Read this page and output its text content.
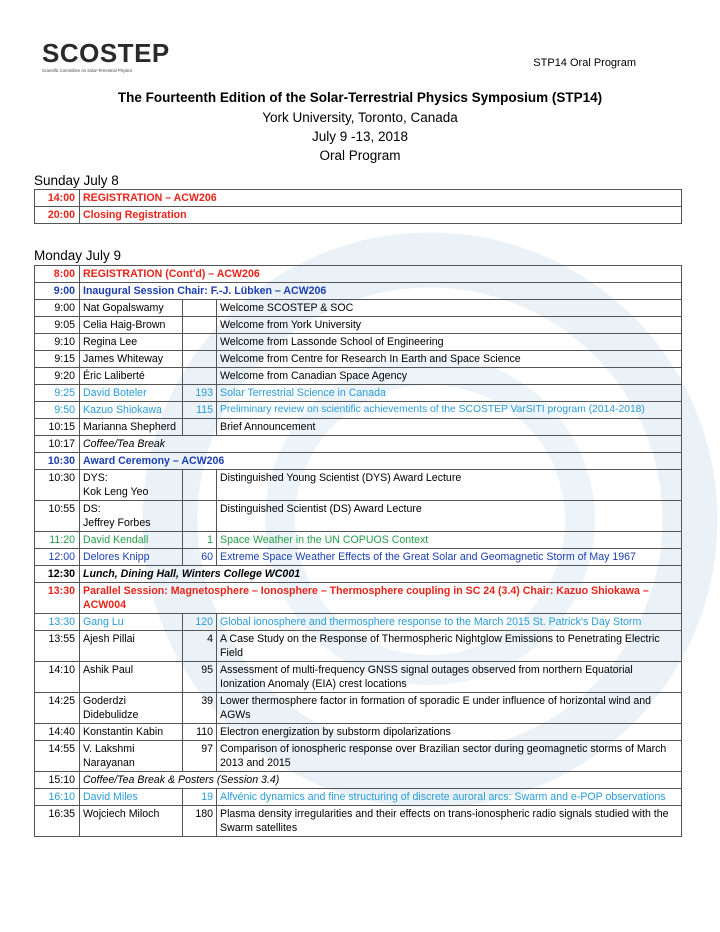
SCOSTEP
Scientific Committee on Solar-Terrestrial Physics
STP14 Oral Program
The Fourteenth Edition of the Solar-Terrestrial Physics Symposium (STP14)
York University, Toronto, Canada
July 9 -13, 2018
Oral Program
Sunday July 8
14:00	REGISTRATION – ACW206
20:00	Closing Registration
Monday July 9
8:00	REGISTRATION (Cont'd) – ACW206		
9:00	Inaugural Session Chair: F.-J. Lübken – ACW206		
9:00	Nat Gopalswamy		Welcome SCOSTEP & SOC
9:05	Celia Haig-Brown		Welcome from York University
9:10	Regina Lee		Welcome from Lassonde School of Engineering
9:15	James Whiteway		Welcome from Centre for Research In Earth and Space Science
9:20	Éric Laliberté		Welcome from Canadian Space Agency
9:25	David Boteler	193	Solar Terrestrial Science in Canada
9:50	Kazuo Shiokawa	115	Preliminary review on scientific achievements of the SCOSTEP VarSITI program (2014-2018)
10:15	Marianna Shepherd		Brief Announcement
10:17	Coffee/Tea Break		
10:30	Award Ceremony – ACW206		
10:30	DYS:
Kok Leng Yeo		Distinguished Young Scientist (DYS) Award Lecture
10:55	DS:
Jeffrey Forbes		Distinguished Scientist (DS) Award Lecture
11:20	David Kendall	1	Space Weather in the UN COPUOS Context
12:00	Delores Knipp	60	Extreme Space Weather Effects of the Great Solar and Geomagnetic Storm of May 1967
12:30	Lunch, Dining Hall, Winters College WC001		
13:30	Parallel Session: Magnetosphere – Ionosphere – Thermosphere coupling in SC 24 (3.4) Chair: Kazuo Shiokawa – ACW004		
13:30	Gang Lu	120	Global ionosphere and thermosphere response to the March 2015 St. Patrick's Day Storm
13:55	Ajesh Pillai	4	A Case Study on the Response of Thermospheric Nightglow Emissions to Penetrating Electric Field
14:10	Ashik Paul	95	Assessment of multi-frequency GNSS signal outages observed from northern Equatorial Ionization Anomaly (EIA) crest locations
14:25	Goderdzi Didebulidze	39	Lower thermosphere factor in formation of sporadic E under influence of horizontal wind and AGWs
14:40	Konstantin Kabin	110	Electron energization by substorm dipolarizations
14:55	V. Lakshmi Narayanan	97	Comparison of ionospheric response over Brazilian sector during geomagnetic storms of March 2013 and 2015
15:10	Coffee/Tea Break & Posters (Session 3.4)		
16:10	David Miles	19	Alfvénic dynamics and fine structuring of discrete auroral arcs: Swarm and e-POP observations
16:35	Wojciech Miloch	180	Plasma density irregularities and their effects on trans-ionospheric radio signals studied with the Swarm satellites
